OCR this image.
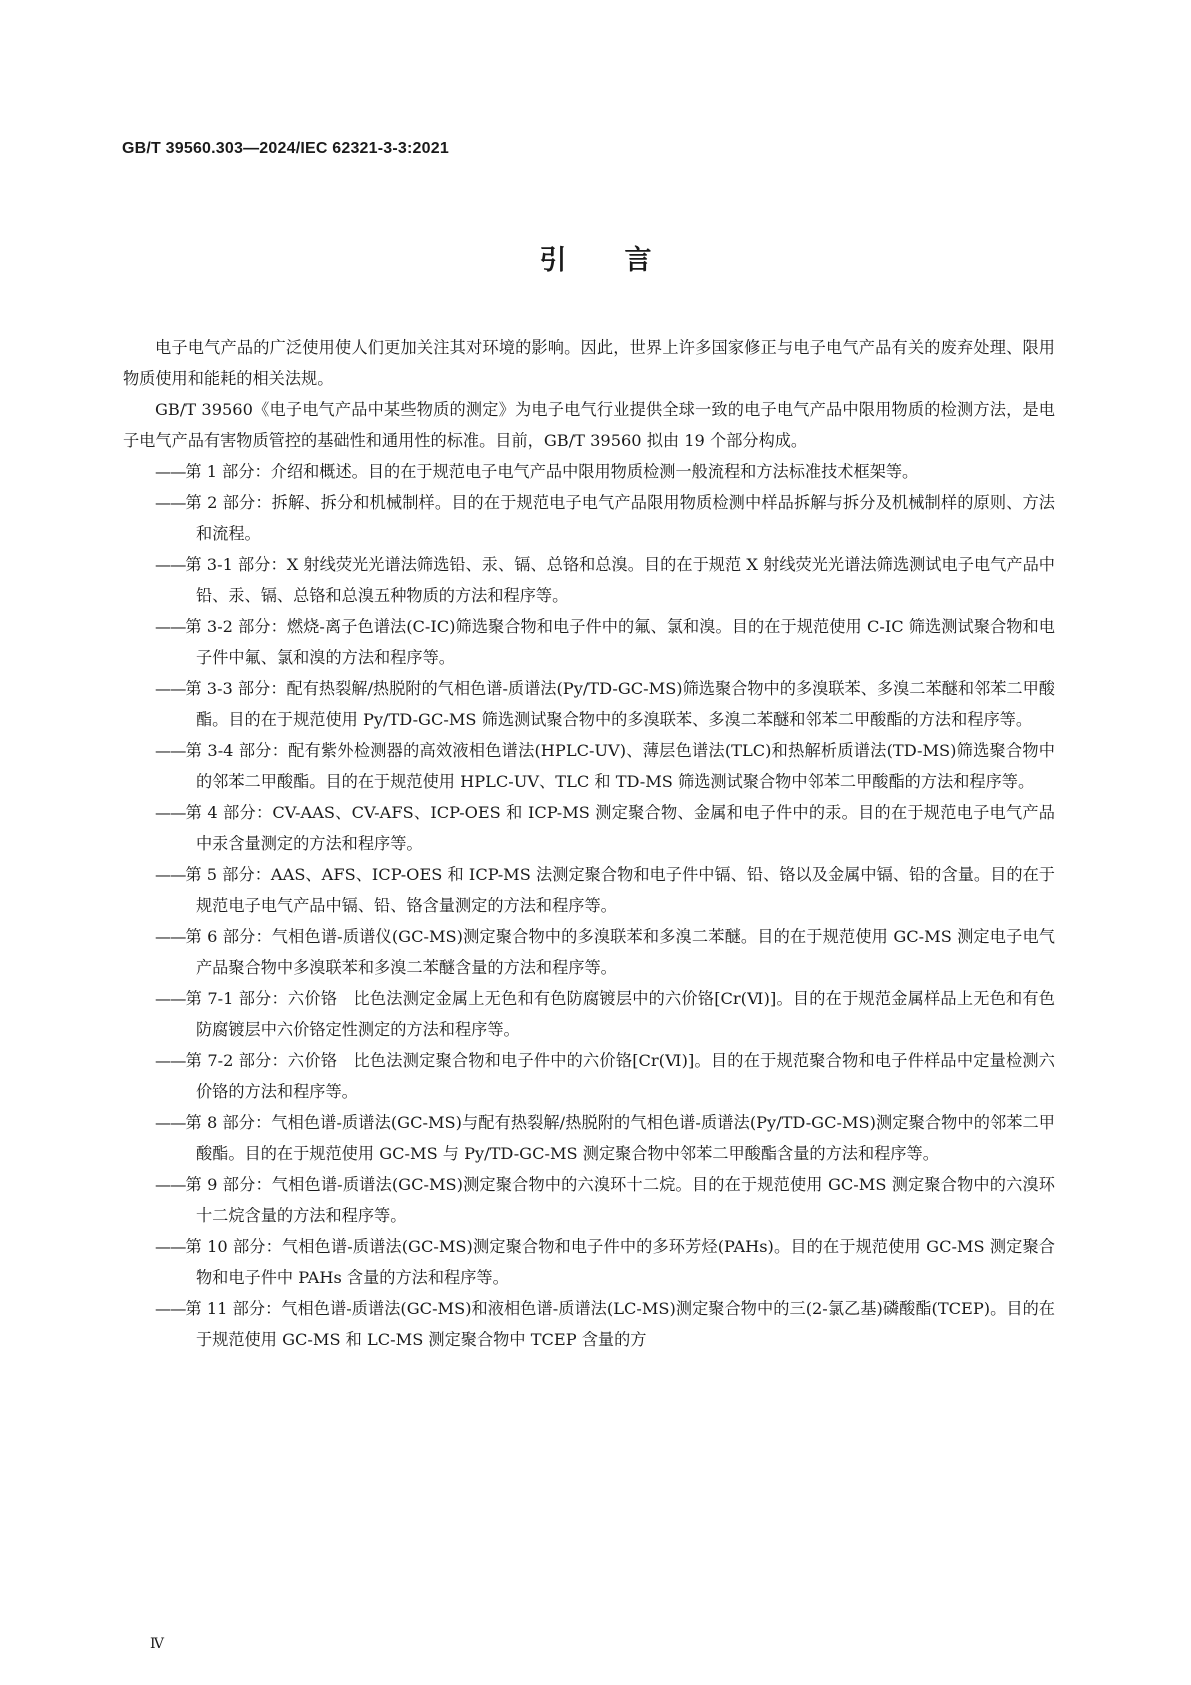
GB/T 39560.303—2024/IEC 62321-3-3:2021
引言

电子电气产品的广泛使用使人们更加关注其对环境的影响。因此，世界上许多国家修正与电子电气产品有关的废弃处理、限用物质使用和能耗的相关法规。

GB/T 39560《电子电气产品中某些物质的测定》为电子电气行业提供全球一致的电子电气产品中限用物质的检测方法，是电子电气产品有害物质管控的基础性和通用性的标准。目前，GB/T 39560 拟由 19 个部分构成。

——第 1 部分：介绍和概述。目的在于规范电子电气产品中限用物质检测一般流程和方法标准技术框架等。

——第 2 部分：拆解、拆分和机械制样。目的在于规范电子电气产品限用物质检测中样品拆解与拆分及机械制样的原则、方法和流程。

——第 3-1 部分：X 射线荧光光谱法筛选铅、汞、镉、总铬和总溴。目的在于规范 X 射线荧光光谱法筛选测试电子电气产品中铅、汞、镉、总铬和总溴五种物质的方法和程序等。

——第 3-2 部分：燃烧-离子色谱法(C-IC)筛选聚合物和电子件中的氟、氯和溴。目的在于规范使用 C-IC 筛选测试聚合物和电子件中氟、氯和溴的方法和程序等。

——第 3-3 部分：配有热裂解/热脱附的气相色谱-质谱法(Py/TD-GC-MS)筛选聚合物中的多溴联苯、多溴二苯醚和邻苯二甲酸酯。目的在于规范使用 Py/TD-GC-MS 筛选测试聚合物中的多溴联苯、多溴二苯醚和邻苯二甲酸酯的方法和程序等。

——第 3-4 部分：配有紫外检测器的高效液相色谱法(HPLC-UV)、薄层色谱法(TLC)和热解析质谱法(TD-MS)筛选聚合物中的邻苯二甲酸酯。目的在于规范使用 HPLC-UV、TLC 和 TD-MS 筛选测试聚合物中邻苯二甲酸酯的方法和程序等。

——第 4 部分：CV-AAS、CV-AFS、ICP-OES 和 ICP-MS 测定聚合物、金属和电子件中的汞。目的在于规范电子电气产品中汞含量测定的方法和程序等。

——第 5 部分：AAS、AFS、ICP-OES 和 ICP-MS 法测定聚合物和电子件中镉、铅、铬以及金属中镉、铅的含量。目的在于规范电子电气产品中镉、铅、铬含量测定的方法和程序等。

——第 6 部分：气相色谱-质谱仪(GC-MS)测定聚合物中的多溴联苯和多溴二苯醚。目的在于规范使用 GC-MS 测定电子电气产品聚合物中多溴联苯和多溴二苯醚含量的方法和程序等。

——第 7-1 部分：六价铬　比色法测定金属上无色和有色防腐镀层中的六价铬[Cr(Ⅵ)]。目的在于规范金属样品上无色和有色防腐镀层中六价铬定性测定的方法和程序等。

——第 7-2 部分：六价铬　比色法测定聚合物和电子件中的六价铬[Cr(Ⅵ)]。目的在于规范聚合物和电子件样品中定量检测六价铬的方法和程序等。

——第 8 部分：气相色谱-质谱法(GC-MS)与配有热裂解/热脱附的气相色谱-质谱法(Py/TD-GC-MS)测定聚合物中的邻苯二甲酸酯。目的在于规范使用 GC-MS 与 Py/TD-GC-MS 测定聚合物中邻苯二甲酸酯含量的方法和程序等。

——第 9 部分：气相色谱-质谱法(GC-MS)测定聚合物中的六溴环十二烷。目的在于规范使用 GC-MS 测定聚合物中的六溴环十二烷含量的方法和程序等。

——第 10 部分：气相色谱-质谱法(GC-MS)测定聚合物和电子件中的多环芳烃(PAHs)。目的在于规范使用 GC-MS 测定聚合物和电子件中 PAHs 含量的方法和程序等。

——第 11 部分：气相色谱-质谱法(GC-MS)和液相色谱-质谱法(LC-MS)测定聚合物中的三(2-氯乙基)磷酸酯(TCEP)。目的在于规范使用 GC-MS 和 LC-MS 测定聚合物中 TCEP 含量的方

Ⅳ
